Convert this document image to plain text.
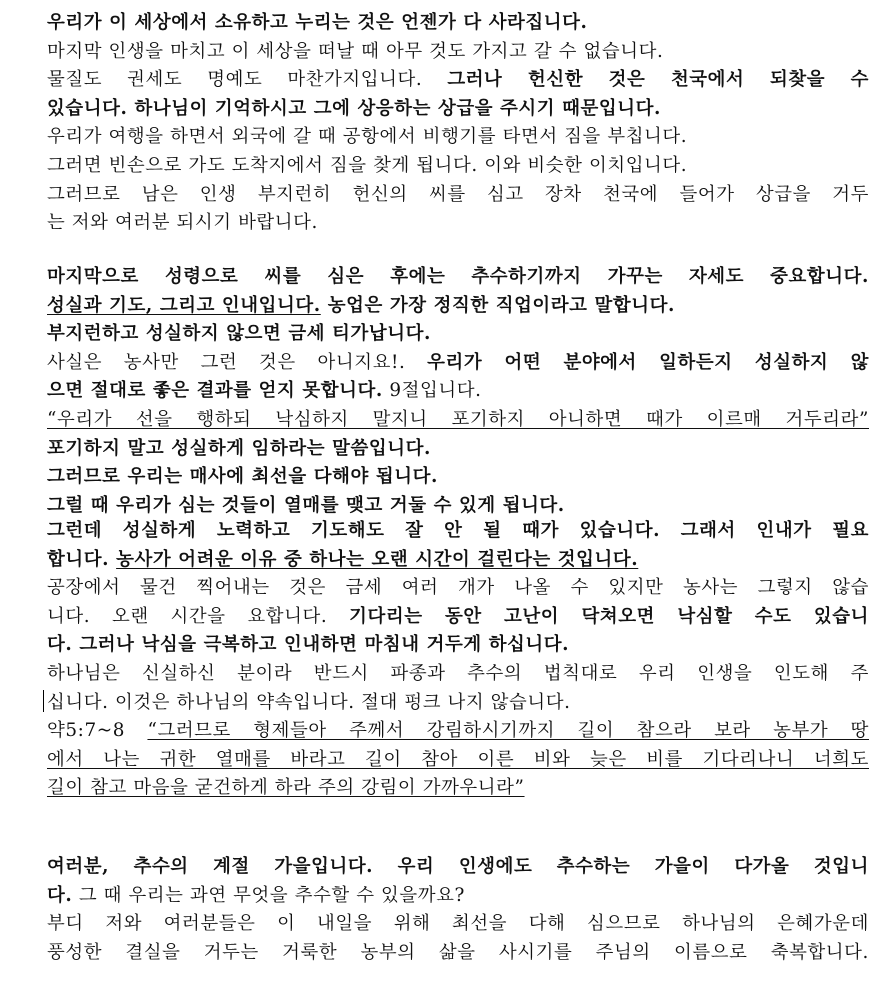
우리가 이 세상에서 소유하고 누리는 것은 언젠가 다 사라집니다.
마지막 인생을 마치고 이 세상을 떠날 때 아무 것도 가지고 갈 수 없습니다.
물질도 권세도 명예도 마찬가지입니다. 그러나 헌신한 것은 천국에서 되찾을 수
있습니다. 하나님이 기억하시고 그에 상응하는 상급을 주시기 때문입니다.
우리가 여행을 하면서 외국에 갈 때 공항에서 비행기를 타면서 짐을 부칩니다.
그러면 빈손으로 가도 도착지에서 짐을 찾게 됩니다. 이와 비슷한 이치입니다.
그러므로 남은 인생 부지런히 헌신의 씨를 심고 장차 천국에 들어가 상급을 거두
는 저와 여러분 되시기 바랍니다.
마지막으로 성령으로 씨를 심은 후에는 추수하기까지 가꾸는 자세도 중요합니다.
성실과 기도, 그리고 인내입니다. 농업은 가장 정직한 직업이라고 말합니다.
부지런하고 성실하지 않으면 금세 티가납니다.
사실은 농사만 그런 것은 아니지요!. 우리가 어떤 분야에서 일하든지 성실하지 않
으면 절대로 좋은 결과를 얻지 못합니다. 9절입니다.
“우리가 선을 행하되 낙심하지 말지니 포기하지 아니하면 때가 이르매 거두리라”
포기하지 말고 성실하게 임하라는 말씀입니다.
그러므로 우리는 매사에 최선을 다해야 됩니다.
그럴 때 우리가 심는 것들이 열매를 맺고 거둘 수 있게 됩니다.
그런데 성실하게 노력하고 기도해도 잘 안 될 때가 있습니다. 그래서 인내가 필요
합니다. 농사가 어려운 이유 중 하나는 오랜 시간이 걸린다는 것입니다.
공장에서 물건 찍어내는 것은 금세 여러 개가 나올 수 있지만 농사는 그렇지 않습
니다. 오랜 시간을 요합니다. 기다리는 동안 고난이 닥쳐오면 낙심할 수도 있습니
다. 그러나 낙심을 극복하고 인내하면 마침내 거두게 하십니다.
하나님은 신실하신 분이라 반드시 파종과 추수의 법칙대로 우리 인생을 인도해 주
십니다. 이것은 하나님의 약속입니다. 절대 펑크 나지 않습니다.
약5:7~8 “그러므로 형제들아 주께서 강림하시기까지 길이 참으라 보라 농부가 땅
에서 나는 귀한 열매를 바라고 길이 참아 이른 비와 늦은 비를 기다리나니 너희도
길이 참고 마음을 굳건하게 하라 주의 강림이 가까우니라”
여러분, 추수의 계절 가을입니다. 우리 인생에도 추수하는 가을이 다가올 것입니
다. 그 때 우리는 과연 무엇을 추수할 수 있을까요?
부디 저와 여러분들은 이 내일을 위해 최선을 다해 심으므로 하나님의 은혜가운데
풍성한 결실을 거두는 거룩한 농부의 삶을 사시기를 주님의 이름으로 축복합니다.
